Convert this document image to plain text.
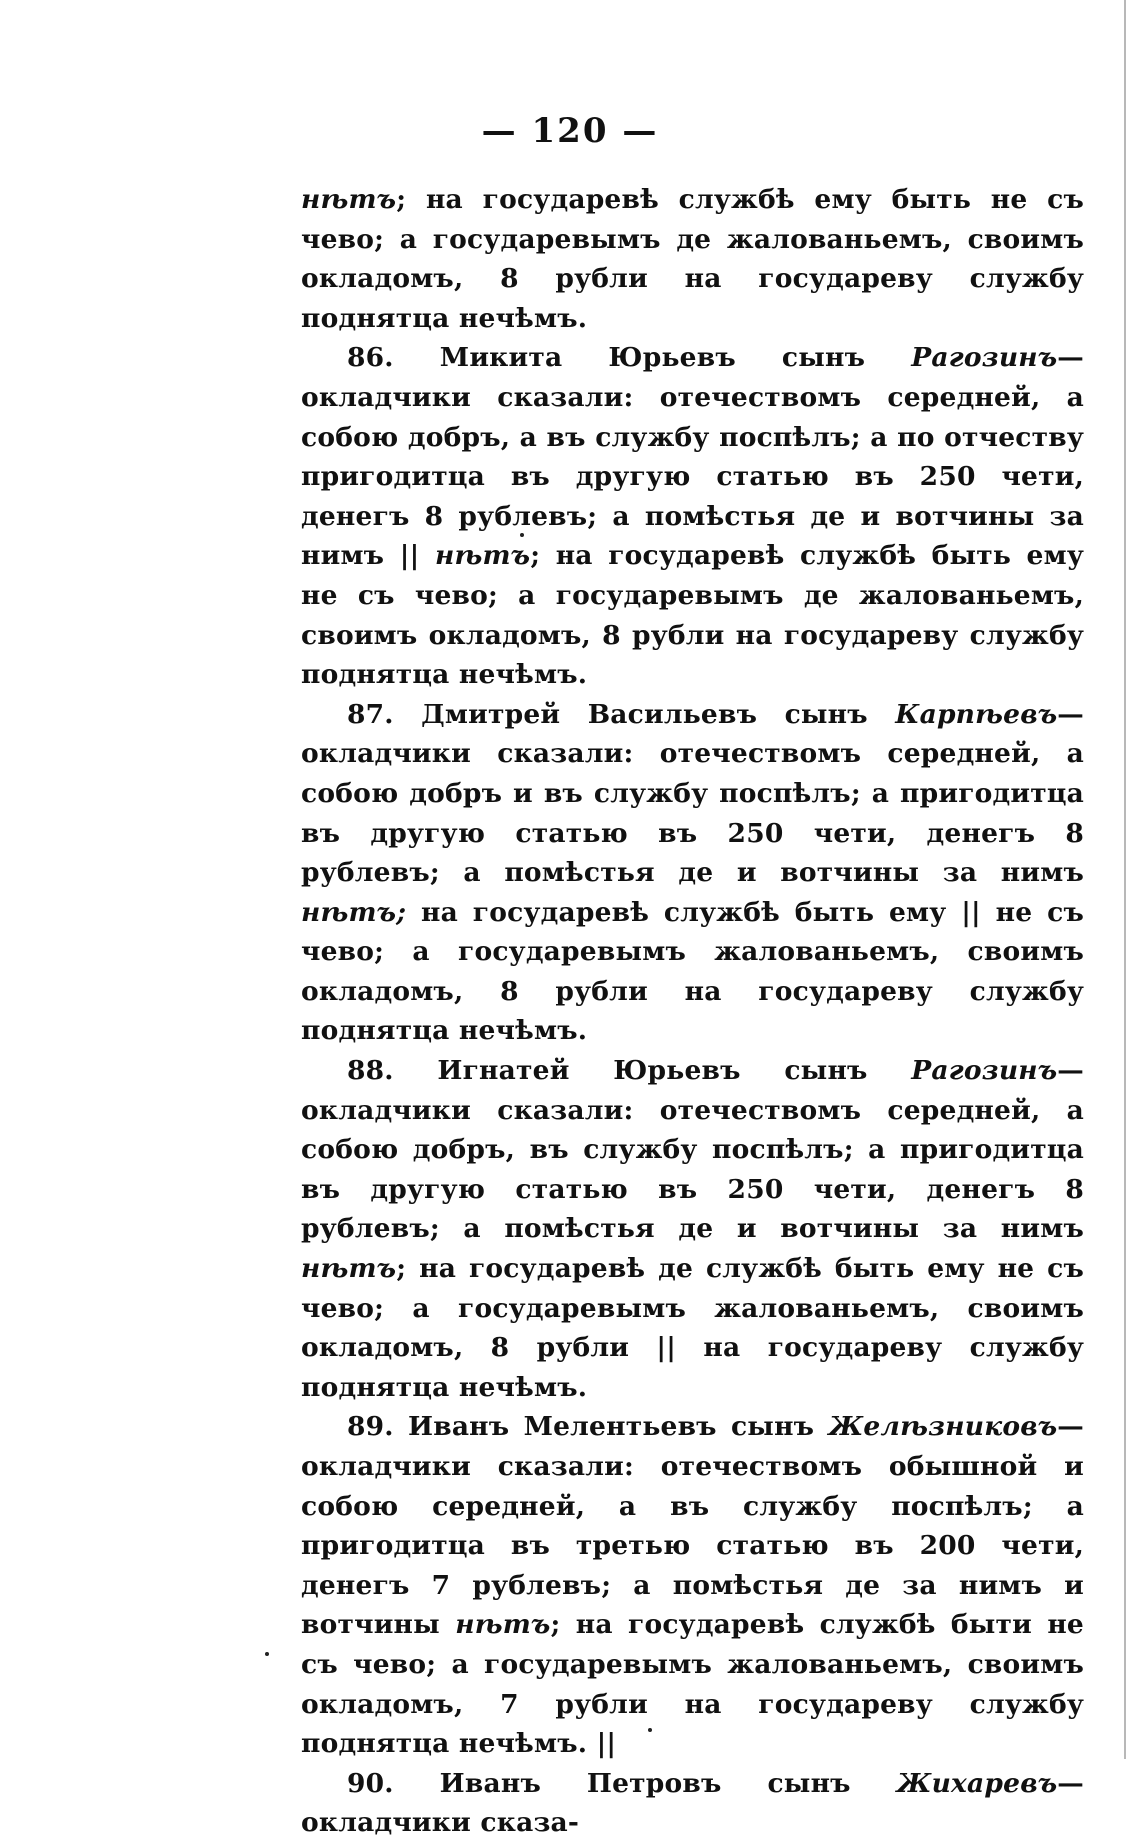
— 120 —

нѣтъ; на государевѣ службѣ ему быть не съ чево; а государевымъ де жалованьемъ, своимъ окладомъ, 8 рубли на государеву службу поднятца нечѣмъ.

86. Микита Юрьевъ сынъ Рагозинъ—окладчики сказали: отечествомъ середней, а собою добръ, а въ службу поспѣлъ; а по отчеству пригодитца въ другую статью въ 250 чети, денегъ 8 рублевъ; а помѣстья де и вотчины за нимъ || нѣтъ; на государевѣ службѣ быть ему не съ чево; а государевымъ де жалованьемъ, своимъ окладомъ, 8 рубли на государеву службу поднятца нечѣмъ.

87. Дмитрей Васильевъ сынъ Карпѣевъ—окладчики сказали: отечествомъ середней, а собою добръ и въ службу поспѣлъ; а пригодитца въ другую статью въ 250 чети, денегъ 8 рублевъ; а помѣстья де и вотчины за нимъ нѣтъ; на государевѣ службѣ быть ему || не съ чево; а государевымъ жалованьемъ, своимъ окладомъ, 8 рубли на государеву службу поднятца нечѣмъ.

88. Игнатей Юрьевъ сынъ Рагозинъ— окладчики сказали: отечествомъ середней, а собою добръ, въ службу поспѣлъ; а пригодитца въ другую статью въ 250 чети, денегъ 8 рублевъ; а помѣстья де и вотчины за нимъ нѣтъ; на государевѣ де службѣ быть ему не съ чево; а государевымъ жалованьемъ, своимъ окладомъ, 8 рубли || на государеву службу поднятца нечѣмъ.

89. Иванъ Мелентьевъ сынъ Желѣзниковъ—окладчики сказали: отечествомъ обышной и собою середней, а въ службу поспѣлъ; а пригодитца въ третью статью въ 200 чети, денегъ 7 рублевъ; а помѣстья де за нимъ и вотчины нѣтъ; на государевѣ службѣ быти не съ чево; а государевымъ жалованьемъ, своимъ окладомъ, 7 рубли на государеву службу поднятца нечѣмъ. ||

90. Иванъ Петровъ сынъ Жихаревъ—окладчики сказа-
